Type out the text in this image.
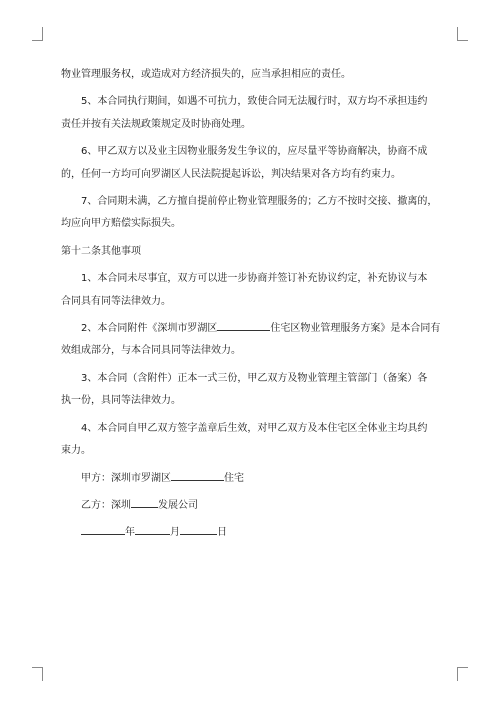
物业管理服务权，或造成对方经济损失的，应当承担相应的责任。

5、本合同执行期间，如遇不可抗力，致使合同无法履行时，双方均不承担违约

责任并按有关法规政策规定及时协商处理。

6、甲乙双方以及业主因物业服务发生争议的，应尽量平等协商解决，协商不成

的，任何一方均可向罗湖区人民法院提起诉讼，判决结果对各方均有约束力。

7、合同期未满，乙方擅自提前停止物业管理服务的；乙方不按时交接、撤离的，

均应向甲方赔偿实际损失。

第十二条其他事项

1、本合同未尽事宜，双方可以进一步协商并签订补充协议约定，补充协议与本

合同具有同等法律效力。

2、本合同附件《深圳市罗湖区	住宅区物业管理服务方案》是本合同有

效组成部分，与本合同具同等法律效力。

3、本合同（含附件）正本一式三份，甲乙双方及物业管理主管部门（备案）各

执一份，具同等法律效力。

4、本合同自甲乙双方签字盖章后生效，对甲乙双方及本住宅区全体业主均具约

束力。

甲方：深圳市罗湖区	住宅

乙方：深圳	发展公司

年	月	日
